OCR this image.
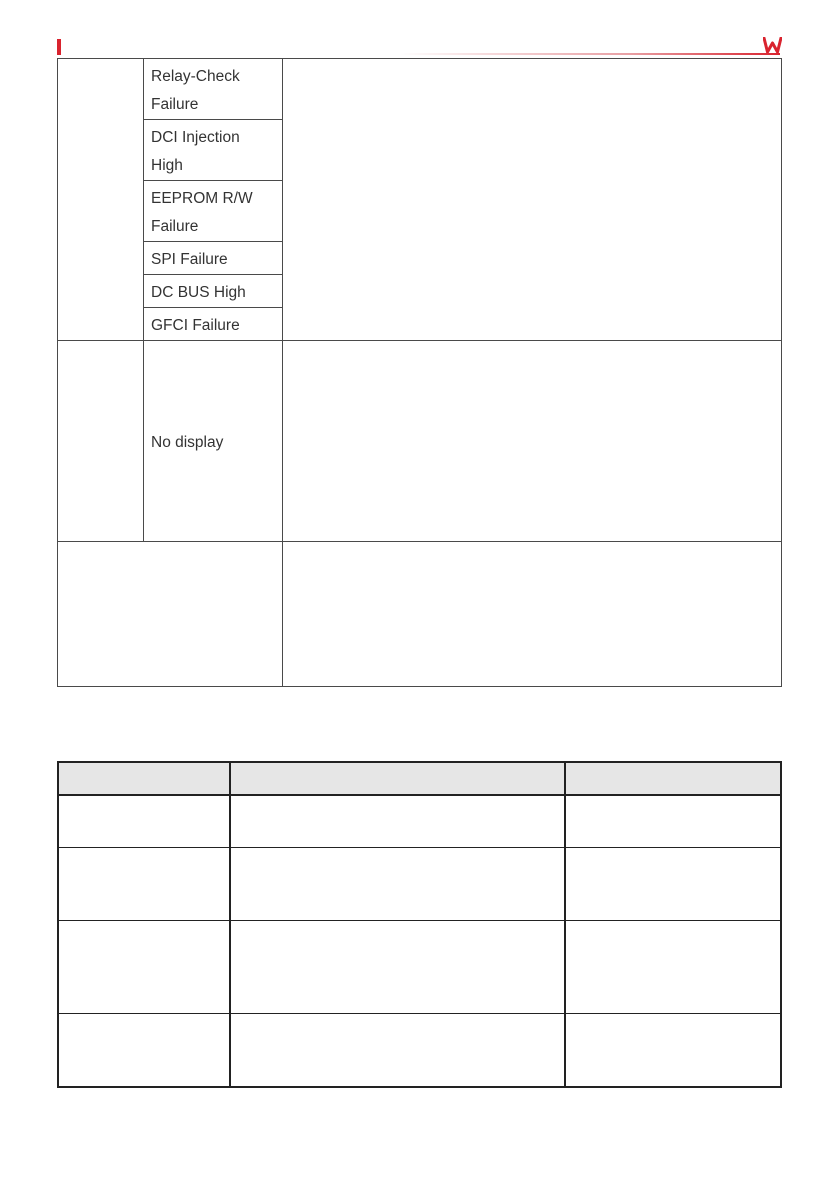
Relay-Check
Failure
DCI Injection
High
EEPROM R/W
Failure
SPI Failure
DC BUS High
GFCI Failure
No display
